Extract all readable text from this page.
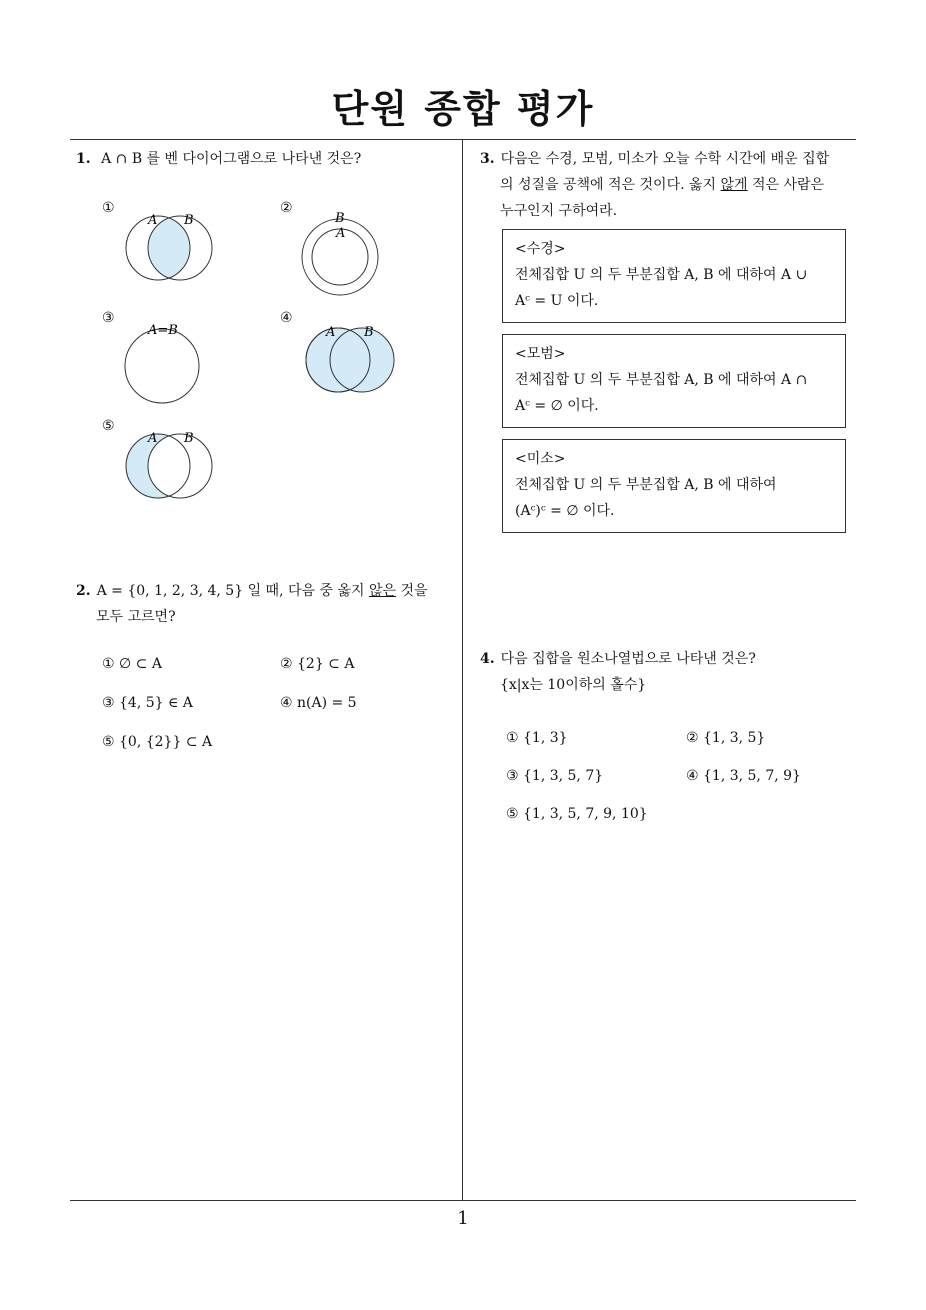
단원 종합 평가
1. A ∩ B 를 벤 다이어그램으로 나타낸 것은?
①	②
③	④
⑤
A B	B
A
A=B	A B
A B
2. A = {0, 1, 2, 3, 4, 5} 일 때, 다음 중 옳지 않은 것을
모두 고르면?
① ∅ ⊂ A	② {2} ⊂ A
③ {4, 5} ∈ A	④ n(A) = 5
⑤ {0, {2}} ⊂ A
3. 다음은 수경, 모범, 미소가 오늘 수학 시간에 배운 집합
의 성질을 공책에 적은 것이다. 옳지 않게 적은 사람은
누구인지 구하여라.
<수경>
전체집합 U 의 두 부분집합 A, B 에 대하여 A ∪
Aᶜ = U 이다.
<모범>
전체집합 U 의 두 부분집합 A, B 에 대하여 A ∩
Aᶜ = ∅ 이다.
<미소>
전체집합 U 의 두 부분집합 A, B 에 대하여
(Aᶜ)ᶜ = ∅ 이다.
4. 다음 집합을 원소나열법으로 나타낸 것은?
{x|x는 10이하의 홀수}
① {1, 3}	② {1, 3, 5}
③ {1, 3, 5, 7}	④ {1, 3, 5, 7, 9}
⑤ {1, 3, 5, 7, 9, 10}
1
